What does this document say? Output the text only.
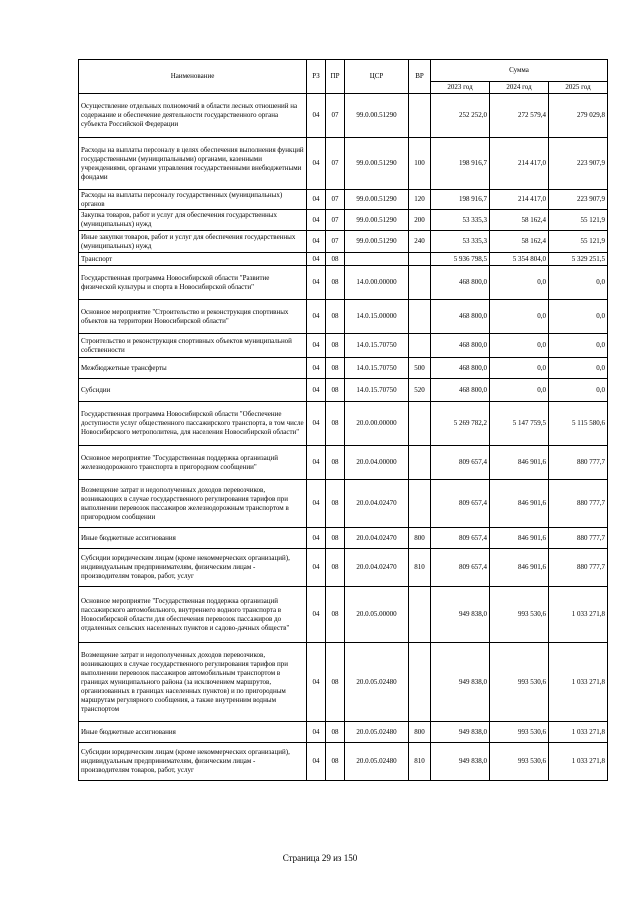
Наименование	РЗ	ПР	ЦСР	ВР	Сумма		
					2023 год	2024 год	2025 год
Осуществление отдельных полномочий в области лесных отношений на содержание и обеспечение деятельности государственного органа субъекта Российской Федерации	04	07	99.0.00.51290		252 252,0	272 579,4	279 029,8
Расходы на выплаты персоналу в целях обеспечения выполнения функций государственными (муниципальными) органами, казенными учреждениями, органами управления государственными внебюджетными фондами	04	07	99.0.00.51290	100	198 916,7	214 417,0	223 907,9
Расходы на выплаты персоналу государственных (муниципальных) органов	04	07	99.0.00.51290	120	198 916,7	214 417,0	223 907,9
Закупка товаров, работ и услуг для обеспечения государственных (муниципальных) нужд	04	07	99.0.00.51290	200	53 335,3	58 162,4	55 121,9
Иные закупки товаров, работ и услуг для обеспечения государственных (муниципальных) нужд	04	07	99.0.00.51290	240	53 335,3	58 162,4	55 121,9
Транспорт	04	08			5 936 798,5	5 354 804,0	5 329 251,5
Государственная программа Новосибирской области "Развитие физической культуры и спорта в Новосибирской области"	04	08	14.0.00.00000		468 800,0	0,0	0,0
Основное мероприятие "Строительство и реконструкция спортивных объектов на территории Новосибирской области"	04	08	14.0.15.00000		468 800,0	0,0	0,0
Строительство и реконструкция спортивных объектов муниципальной собственности	04	08	14.0.15.70750		468 800,0	0,0	0,0
Межбюджетные трансферты	04	08	14.0.15.70750	500	468 800,0	0,0	0,0
Субсидии	04	08	14.0.15.70750	520	468 800,0	0,0	0,0
Государственная программа Новосибирской области "Обеспечение доступности услуг общественного пассажирского транспорта, в том числе Новосибирского метрополитена, для населения Новосибирской области"	04	08	20.0.00.00000		5 269 782,2	5 147 759,5	5 115 580,6
Основное мероприятие "Государственная поддержка организаций железнодорожного транспорта в пригородном сообщении"	04	08	20.0.04.00000		809 657,4	846 901,6	880 777,7
Возмещение затрат и недополученных доходов перевозчиков, возникающих в случае государственного регулирования тарифов при выполнении перевозок пассажиров железнодорожным транспортом в пригородном сообщении	04	08	20.0.04.02470		809 657,4	846 901,6	880 777,7
Иные бюджетные ассигнования	04	08	20.0.04.02470	800	809 657,4	846 901,6	880 777,7
Субсидии юридическим лицам (кроме некоммерческих организаций), индивидуальным предпринимателям, физическим лицам - производителям товаров, работ, услуг	04	08	20.0.04.02470	810	809 657,4	846 901,6	880 777,7
Основное мероприятие "Государственная поддержка организаций пассажирского автомобильного, внутреннего водного транспорта в Новосибирской области для обеспечения перевозок пассажиров до отдаленных сельских населенных пунктов и садово-дачных обществ"	04	08	20.0.05.00000		949 838,0	993 530,6	1 033 271,8
Возмещение затрат и недополученных доходов перевозчиков, возникающих в случае государственного регулирования тарифов при выполнении перевозок пассажиров автомобильным транспортом в границах муниципального района (за исключением маршрутов, организованных в границах населенных пунктов) и по пригородным маршрутам регулярного сообщения, а также внутренним водным транспортом	04	08	20.0.05.02480		949 838,0	993 530,6	1 033 271,8
Иные бюджетные ассигнования	04	08	20.0.05.02480	800	949 838,0	993 530,6	1 033 271,8
Субсидии юридическим лицам (кроме некоммерческих организаций), индивидуальным предпринимателям, физическим лицам - производителям товаров, работ, услуг	04	08	20.0.05.02480	810	949 838,0	993 530,6	1 033 271,8
Страница 29 из 150
